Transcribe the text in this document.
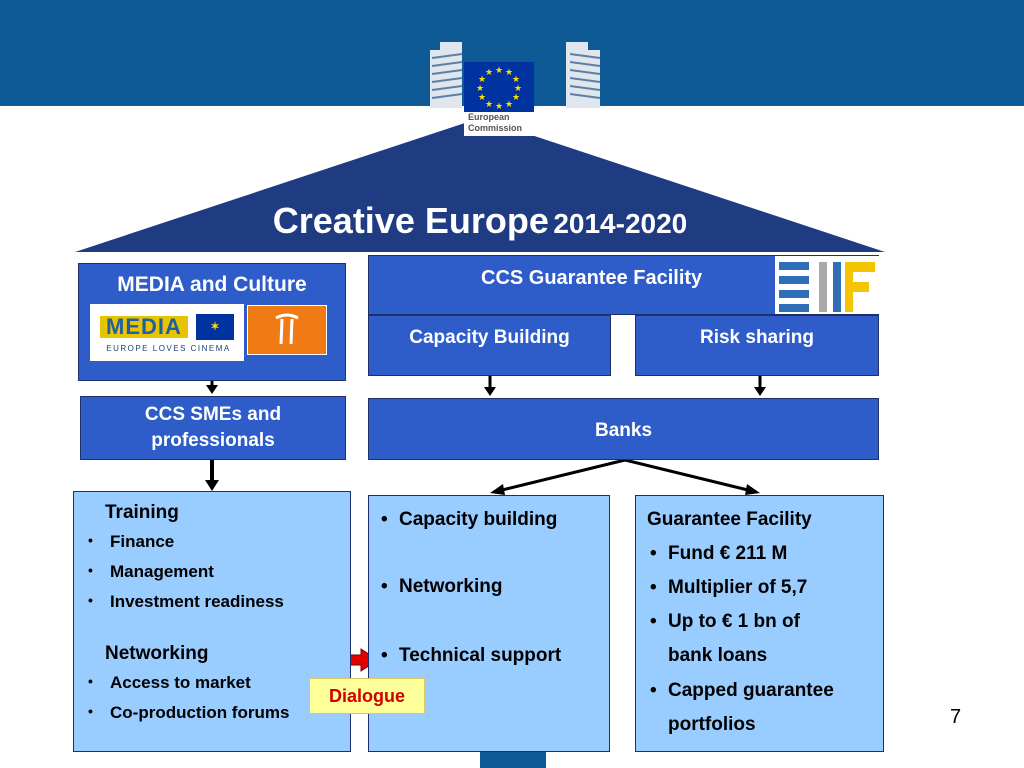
★ ★
★
★
★
★
★
★
★
★
★
★
European
Commission
Creative Europe 2014-2020
MEDIA and Culture
MEDIA	✶
EUROPE LOVES CINEMA
CCS Guarantee Facility
Capacity Building	Risk sharing
CCS SMEs and
professionals	Banks
Training
• Finance
• Management
• Investment readiness
Networking
• Access to market
• Co-production forums
• Capacity building
• Networking
• Technical support
Guarantee Facility
• Fund € 211 M
• Multiplier of 5,7
• Up to € 1 bn of
bank loans
• Capped guarantee
portfolios
Dialogue
7
